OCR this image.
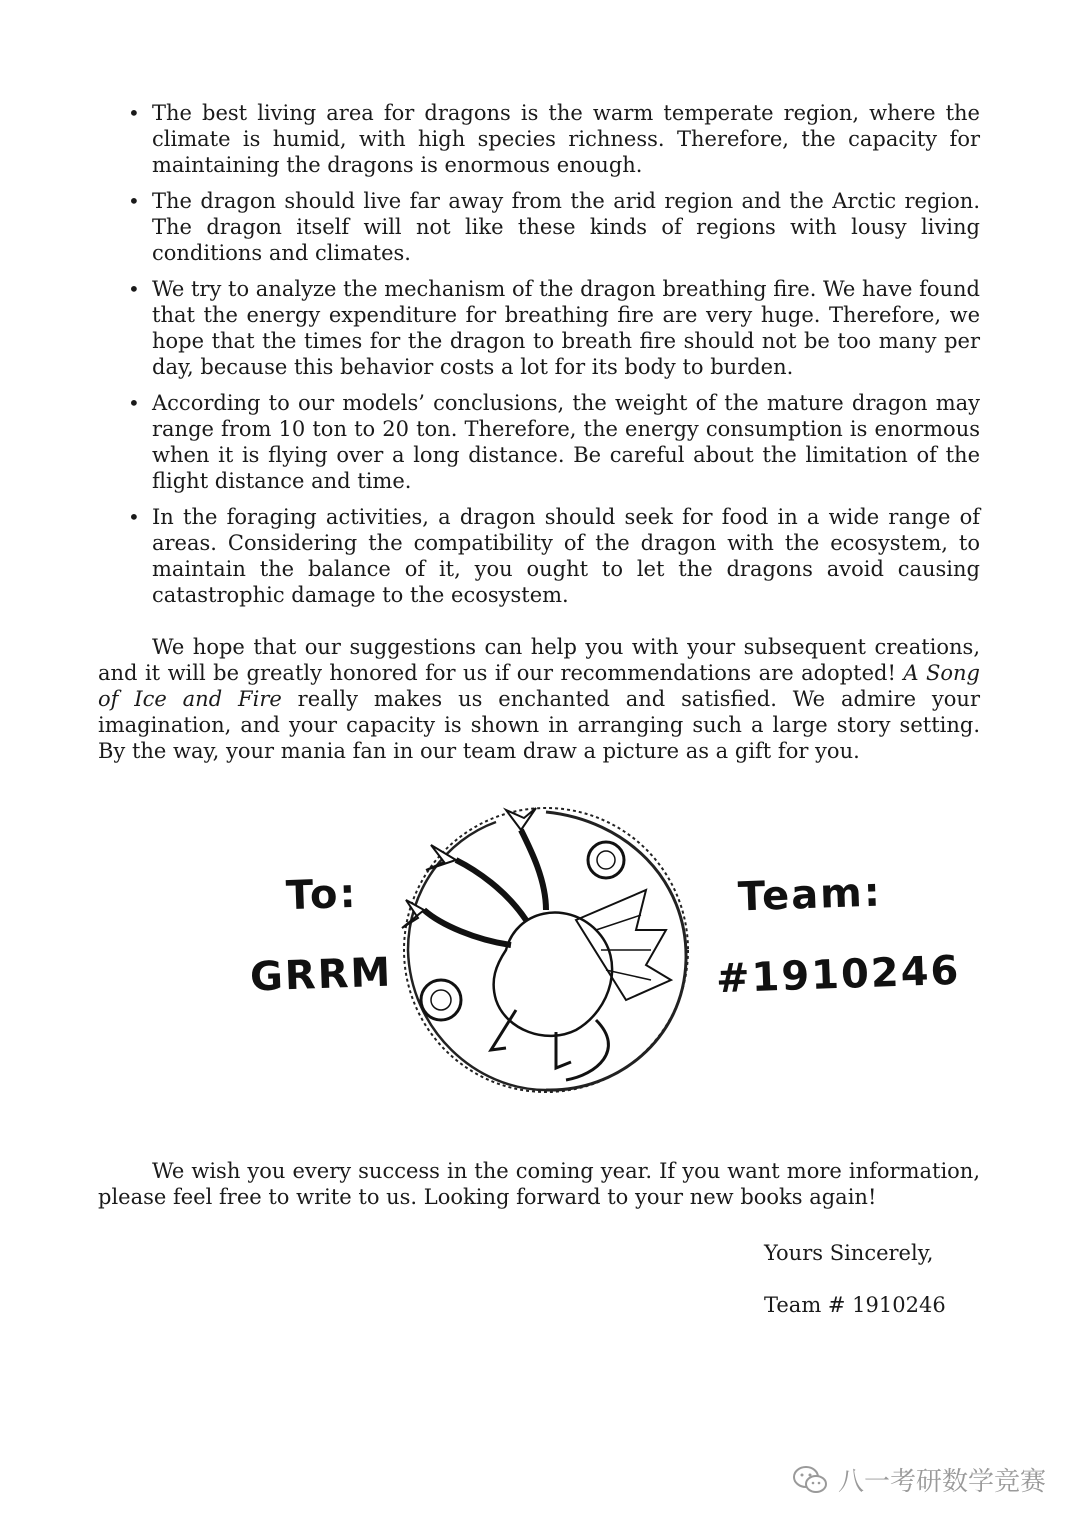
• The best living area for dragons is the warm temperate region, where the climate is humid, with high species richness. Therefore, the capacity for maintaining the dragons is enormous enough.
• The dragon should live far away from the arid region and the Arctic region. The dragon itself will not like these kinds of regions with lousy living conditions and climates.
• We try to analyze the mechanism of the dragon breathing fire. We have found that the energy expenditure for breathing fire are very huge. Therefore, we hope that the times for the dragon to breath fire should not be too many per day, because this behavior costs a lot for its body to burden.
• According to our models’ conclusions, the weight of the mature dragon may range from 10 ton to 20 ton. Therefore, the energy consumption is enormous when it is flying over a long distance. Be careful about the limitation of the flight distance and time.
• In the foraging activities, a dragon should seek for food in a wide range of areas. Considering the compatibility of the dragon with the ecosystem, to maintain the balance of it, you ought to let the dragons avoid causing catastrophic damage to the ecosystem.

We hope that our suggestions can help you with your subsequent creations, and it will be greatly honored for us if our recommendations are adopted! A Song of Ice and Fire really makes us enchanted and satisfied. We admire your imagination, and your capacity is shown in arranging such a large story setting. By the way, your mania fan in our team draw a picture as a gift for you.

To:
GRRM
Team:
#1910246

We wish you every success in the coming year. If you want more information, please feel free to write to us. Looking forward to your new books again!

Yours Sincerely,
Team # 1910246
八一考研数学竞赛
